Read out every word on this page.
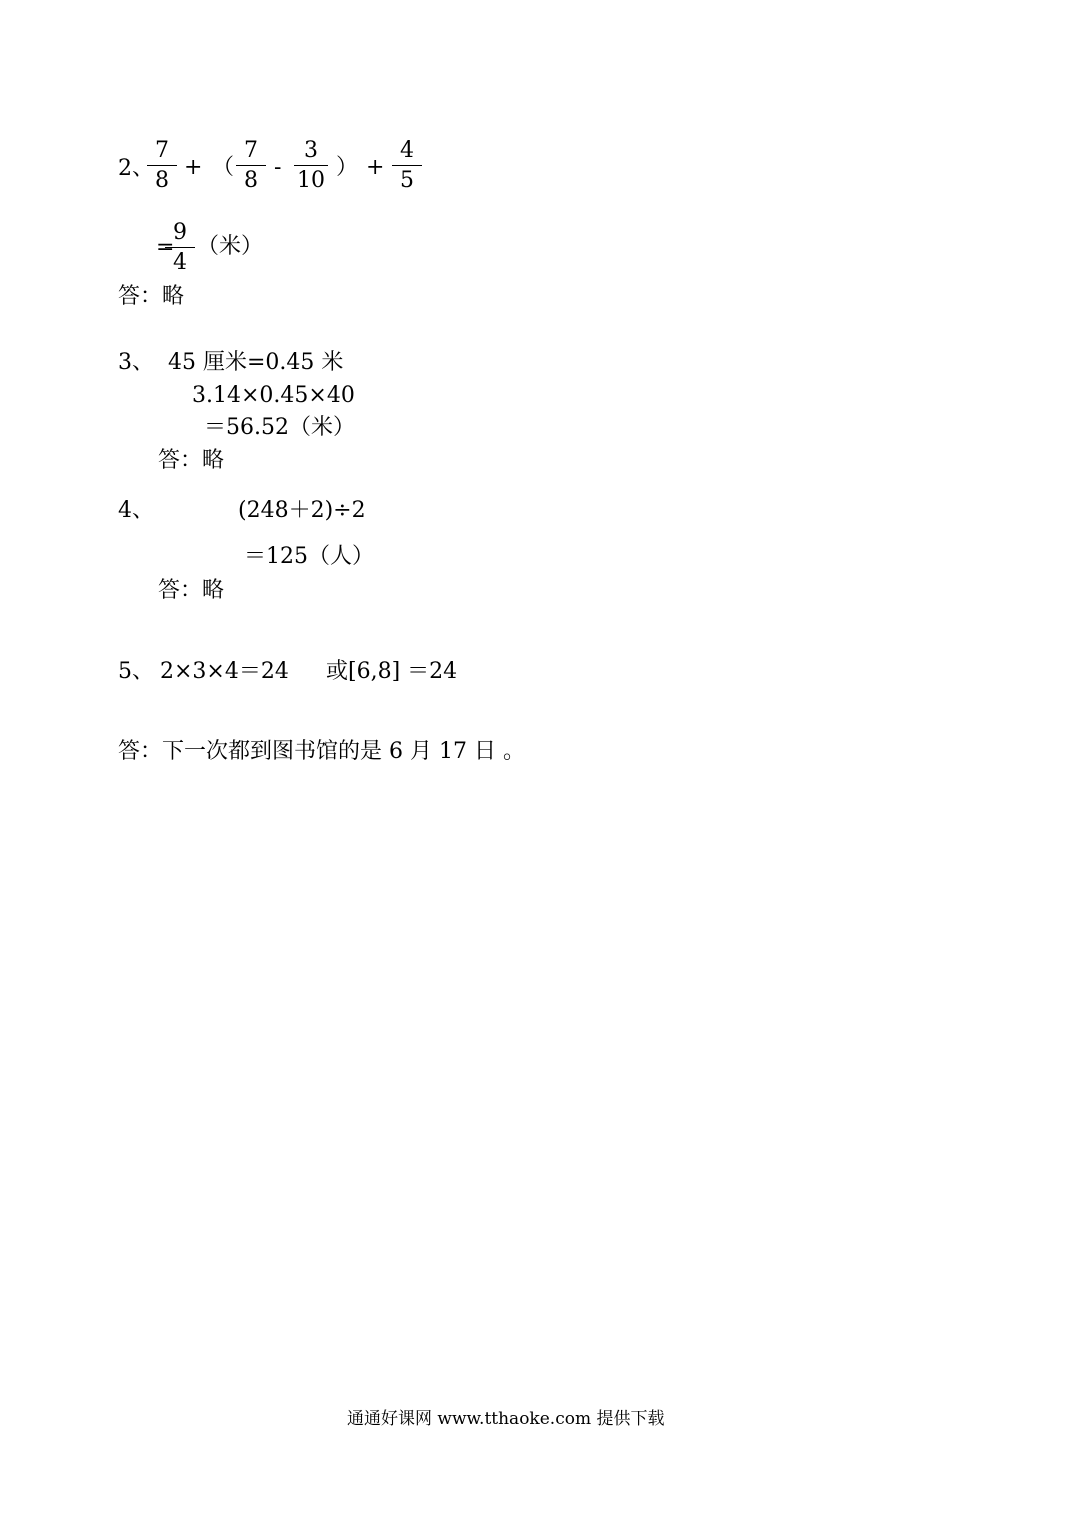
2、
7
8
+ （
7
8
-
3
10
） +
4
5
=
9
4
（米）
答：略
3、 45 厘米=0.45 米
3.14×0.45×40
＝56.52（米）
答：略
4、	(248＋2)÷2
＝125（人）
答：略
5、 2×3×4＝24 或[6,8] ＝24
答：下一次都到图书馆的是 6 月 17 日 。
通通好课网 www.tthaoke.com 提供下载
